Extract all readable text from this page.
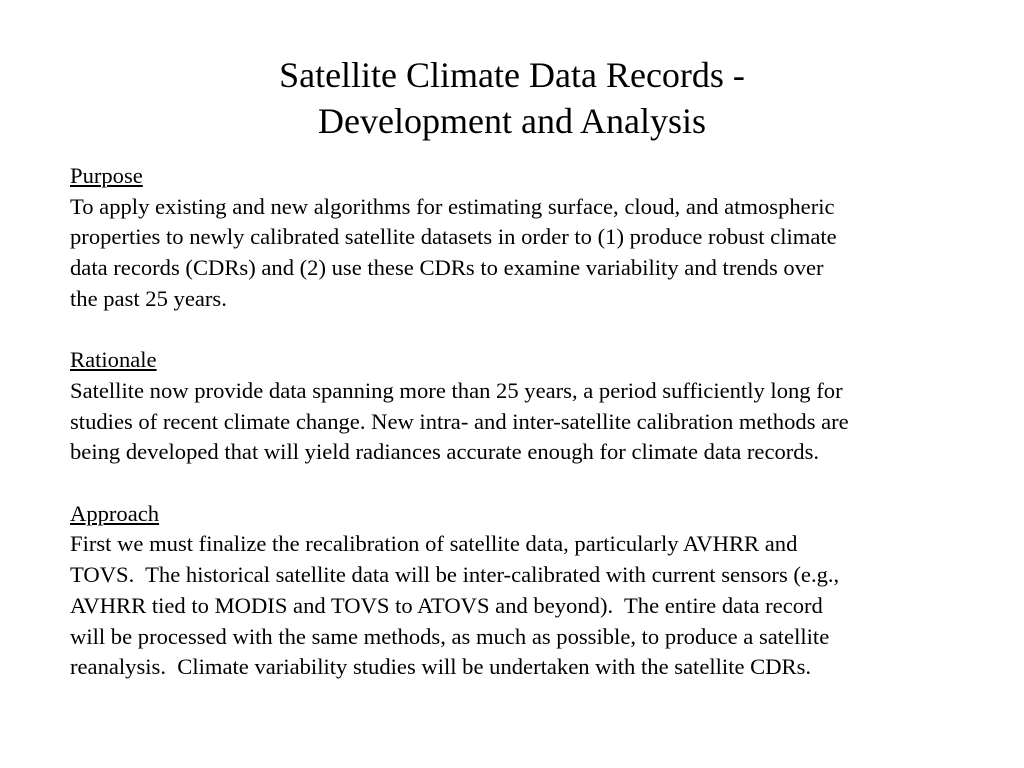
Satellite Climate Data Records -
Development and Analysis
Purpose
To apply existing and new algorithms for estimating surface, cloud, and atmospheric
properties to newly calibrated satellite datasets in order to (1) produce robust climate
data records (CDRs) and (2) use these CDRs to examine variability and trends over
the past 25 years.
Rationale
Satellite now provide data spanning more than 25 years, a period sufficiently long for
studies of recent climate change. New intra- and inter-satellite calibration methods are
being developed that will yield radiances accurate enough for climate data records.
Approach
First we must finalize the recalibration of satellite data, particularly AVHRR and
TOVS.  The historical satellite data will be inter-calibrated with current sensors (e.g.,
AVHRR tied to MODIS and TOVS to ATOVS and beyond).  The entire data record
will be processed with the same methods, as much as possible, to produce a satellite
reanalysis.  Climate variability studies will be undertaken with the satellite CDRs.
